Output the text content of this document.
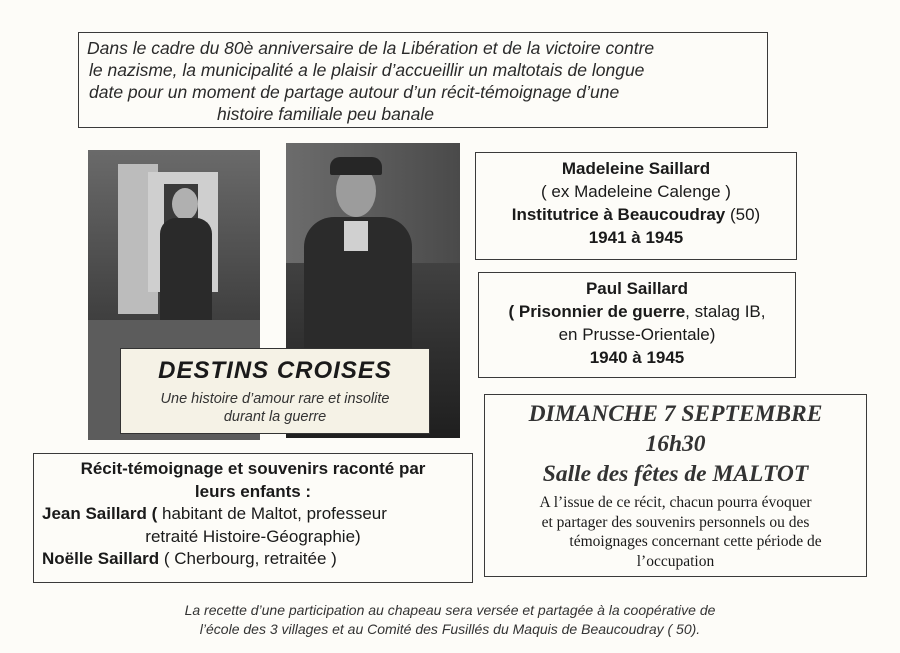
Dans le cadre du 80è anniversaire de la Libération et de la victoire contre
le nazisme, la municipalité a le plaisir d’accueillir un maltotais de longue
date pour un moment de partage autour d’un récit-témoignage d’une
histoire familiale peu banale
DESTINS CROISES
Une histoire d’amour rare et insolite
durant la guerre
Madeleine Saillard
( ex Madeleine Calenge )
Institutrice à Beaucoudray (50)
1941 à 1945
Paul Saillard
( Prisonnier de guerre, stalag IB,
en Prusse-Orientale)
1940 à 1945
DIMANCHE 7 SEPTEMBRE
16h30
Salle des fêtes de MALTOT
A l’issue de ce récit, chacun pourra évoquer
et partager des souvenirs personnels ou des
témoignages concernant cette période de
l’occupation
Récit-témoignage et souvenirs raconté par
leurs enfants :
Jean Saillard ( habitant de Maltot, professeur
retraité Histoire-Géographie)
Noëlle Saillard ( Cherbourg, retraitée )
La recette d’une participation au chapeau sera versée et partagée à la coopérative de
l’école des 3 villages et au Comité des Fusillés du Maquis de Beaucoudray ( 50).
